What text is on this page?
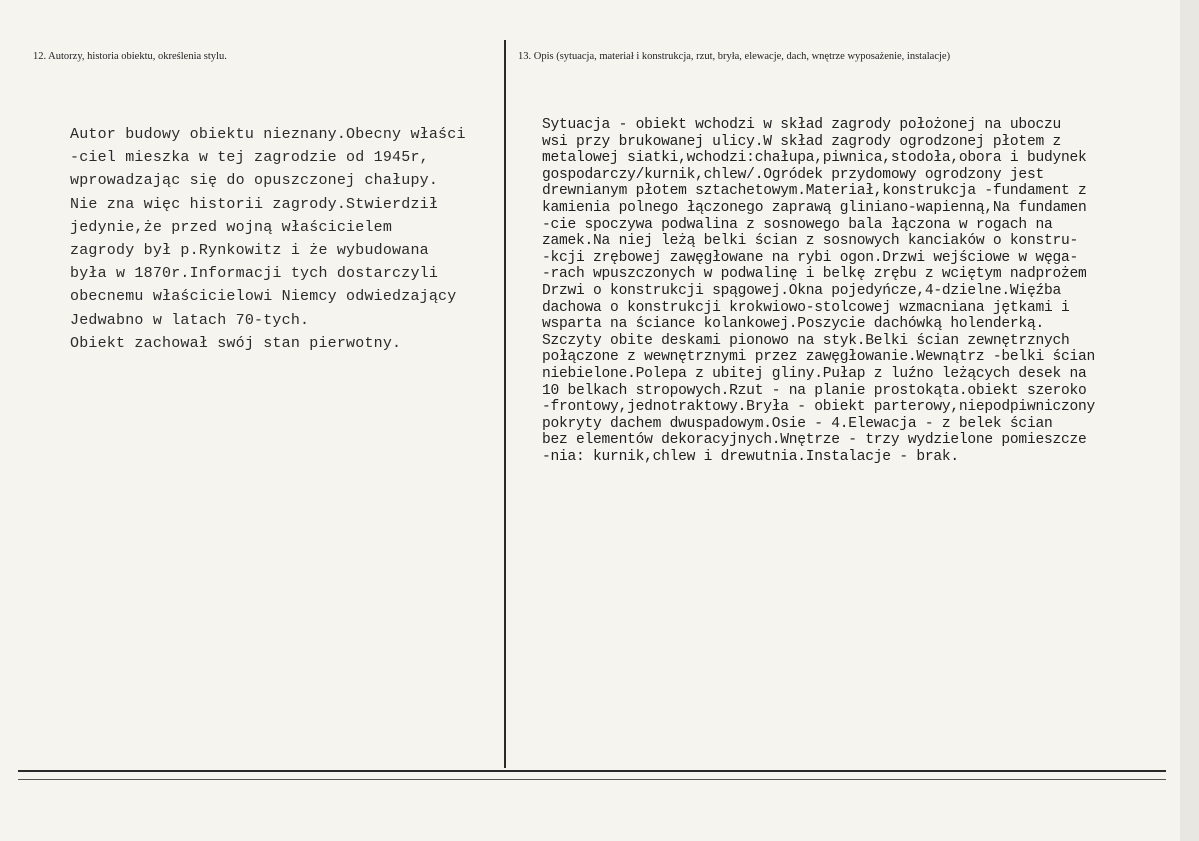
12. Autorzy, historia obiektu, określenia stylu.	13. Opis (sytuacja, materiał i konstrukcja, rzut, bryła, elewacje, dach, wnętrze wyposażenie, instalacje)
Autor budowy obiektu nieznany.Obecny właści
-ciel mieszka w tej zagrodzie od 1945r,
wprowadzając się do opuszczonej chałupy.
Nie zna więc historii zagrody.Stwierdził
jedynie,że przed wojną właścicielem
zagrody był p.Rynkowitz i że wybudowana
była w 1870r.Informacji tych dostarczyli
obecnemu właścicielowi Niemcy odwiedzający
Jedwabno w latach 70-tych.
Obiekt zachował swój stan pierwotny.
Sytuacja - obiekt wchodzi w skład zagrody położonej na uboczu
wsi przy brukowanej ulicy.W skład zagrody ogrodzonej płotem z
metalowej siatki,wchodzi:chałupa,piwnica,stodoła,obora i budynek
gospodarczy/kurnik,chlew/.Ogródek przydomowy ogrodzony jest
drewnianym płotem sztachetowym.Materiał,konstrukcja -fundament z
kamienia polnego łączonego zaprawą gliniano-wapienną,Na fundamen
-cie spoczywa podwalina z sosnowego bala łączona w rogach na
zamek.Na niej leżą belki ścian z sosnowych kanciaków o konstru-
-kcji zrębowej zawęgłowane na rybi ogon.Drzwi wejściowe w węga-
-rach wpuszczonych w podwalinę i belkę zrębu z wciętym nadprożem
Drzwi o konstrukcji spągowej.Okna pojedyńcze,4-dzielne.Więźba
dachowa o konstrukcji krokwiowo-stolcowej wzmacniana jętkami i
wsparta na ściance kolankowej.Poszycie dachówką holenderką.
Szczyty obite deskami pionowo na styk.Belki ścian zewnętrznych
połączone z wewnętrznymi przez zawęgłowanie.Wewnątrz -belki ścian
niebielone.Polepa z ubitej gliny.Pułap z luźno leżących desek na
10 belkach stropowych.Rzut - na planie prostokąta.obiekt szeroko
-frontowy,jednotraktowy.Bryła - obiekt parterowy,niepodpiwniczony
pokryty dachem dwuspadowym.Osie - 4.Elewacja - z belek ścian
bez elementów dekoracyjnych.Wnętrze - trzy wydzielone pomieszcze
-nia: kurnik,chlew i drewutnia.Instalacje - brak.
